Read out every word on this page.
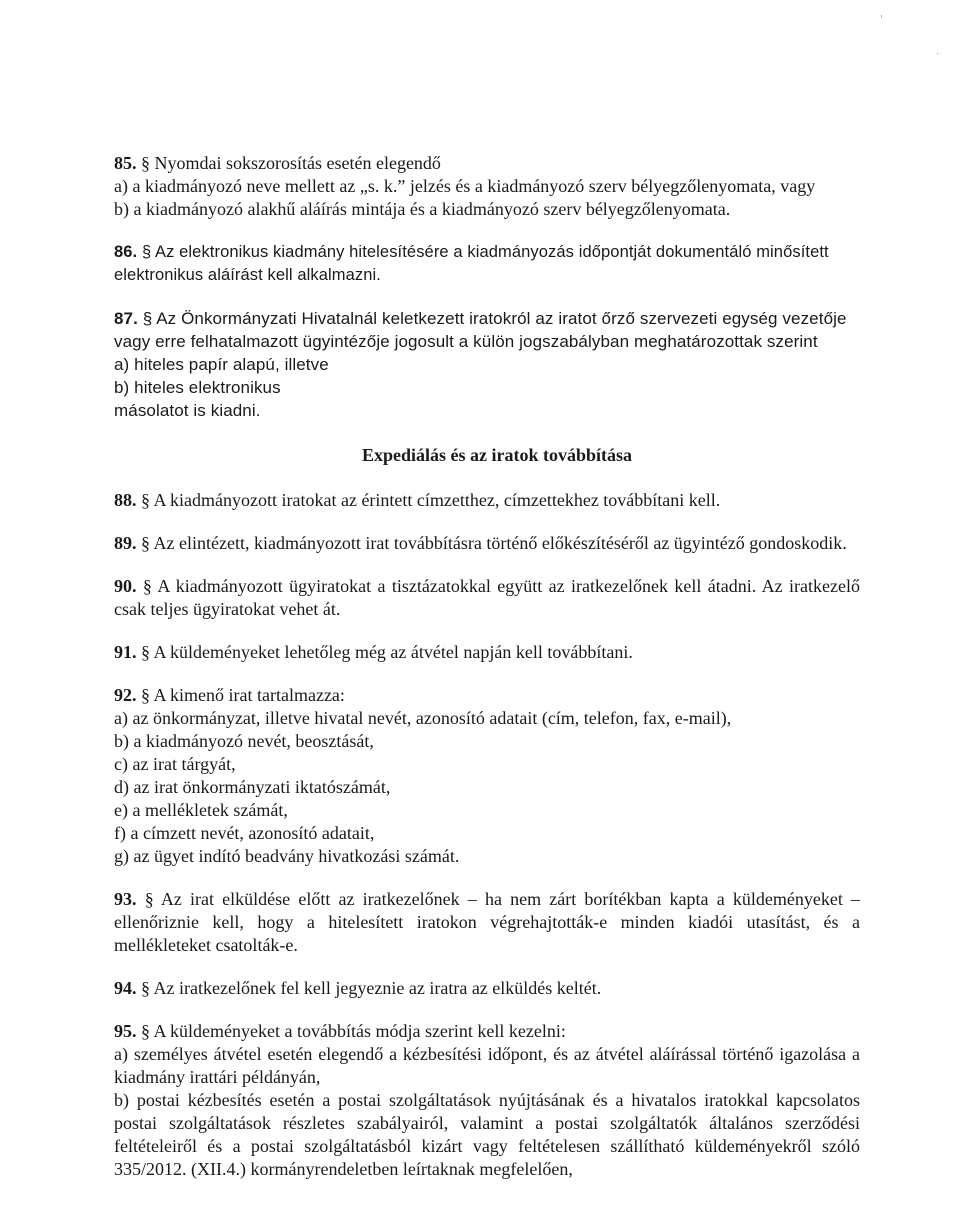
'
.
85. § Nyomdai sokszorosítás esetén elegendő
a) a kiadmányozó neve mellett az „s. k.” jelzés és a kiadmányozó szerv bélyegzőlenyomata, vagy
b) a kiadmányozó alakhű aláírás mintája és a kiadmányozó szerv bélyegzőlenyomata.
86. § Az elektronikus kiadmány hitelesítésére a kiadmányozás időpontját dokumentáló minősített elektronikus aláírást kell alkalmazni.
87. § Az Önkormányzati Hivatalnál keletkezett iratokról az iratot őrző szervezeti egység vezetője vagy erre felhatalmazott ügyintézője jogosult a külön jogszabályban meghatározottak szerint
a) hiteles papír alapú, illetve
b) hiteles elektronikus
másolatot is kiadni.
Expediálás és az iratok továbbítása
88. § A kiadmányozott iratokat az érintett címzetthez, címzettekhez továbbítani kell.
89. § Az elintézett, kiadmányozott irat továbbításra történő előkészítéséről az ügyintéző gondoskodik.
90. § A kiadmányozott ügyiratokat a tisztázatokkal együtt az iratkezelőnek kell átadni. Az iratkezelő csak teljes ügyiratokat vehet át.
91. § A küldeményeket lehetőleg még az átvétel napján kell továbbítani.
92. § A kimenő irat tartalmazza:
a) az önkormányzat, illetve hivatal nevét, azonosító adatait (cím, telefon, fax, e-mail),
b) a kiadmányozó nevét, beosztását,
c) az irat tárgyát,
d) az irat önkormányzati iktatószámát,
e) a mellékletek számát,
f) a címzett nevét, azonosító adatait,
g) az ügyet indító beadvány hivatkozási számát.
93. § Az irat elküldése előtt az iratkezelőnek – ha nem zárt borítékban kapta a küldeményeket – ellenőriznie kell, hogy a hitelesített iratokon végrehajtották-e minden kiadói utasítást, és a mellékleteket csatolták-e.
94. § Az iratkezelőnek fel kell jegyeznie az iratra az elküldés keltét.
95. § A küldeményeket a továbbítás módja szerint kell kezelni:
a) személyes átvétel esetén elegendő a kézbesítési időpont, és az átvétel aláírással történő igazolása a kiadmány irattári példányán,
b) postai kézbesítés esetén a postai szolgáltatások nyújtásának és a hivatalos iratokkal kapcsolatos postai szolgáltatások részletes szabályairól, valamint a postai szolgáltatók általános szerződési feltételeiről és a postai szolgáltatásból kizárt vagy feltételesen szállítható küldeményekről szóló 335/2012. (XII.4.) kormányrendeletben leírtaknak megfelelően,
